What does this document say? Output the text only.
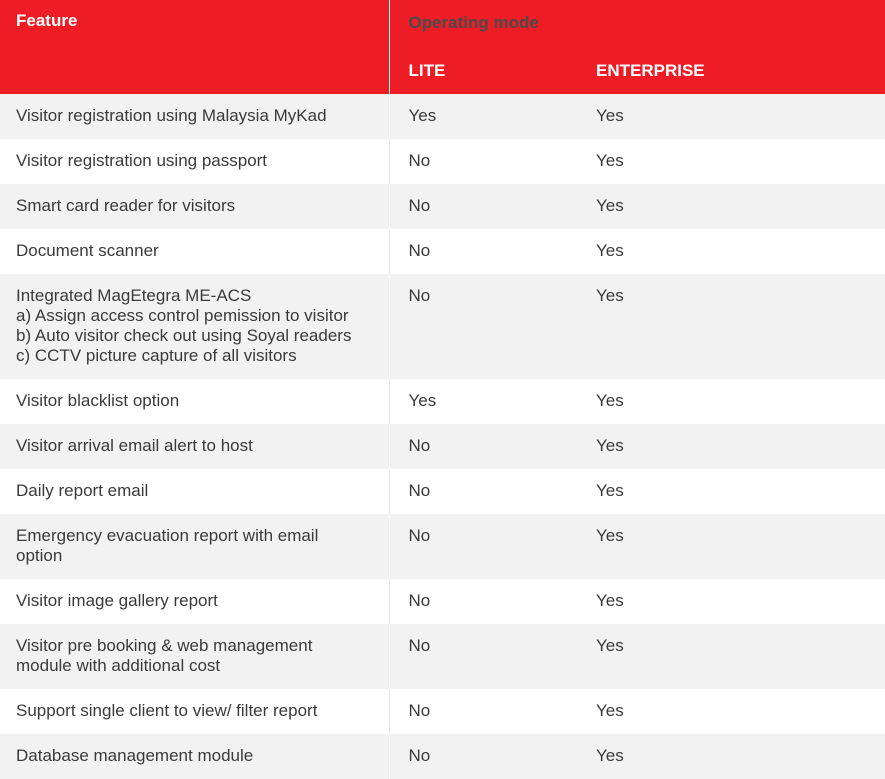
Feature	Operating mode	
	LITE	ENTERPRISE

Visitor registration using Malaysia MyKad	Yes	Yes

Visitor registration using passport	No	Yes

Smart card reader for visitors	No	Yes

Document scanner	No	Yes

Integrated MagEtegra ME-ACS
a) Assign access control pemission to visitor
b) Auto visitor check out using Soyal readers
c) CCTV picture capture of all visitors	No	Yes

Visitor blacklist option	Yes	Yes

Visitor arrival email alert to host	No	Yes

Daily report email	No	Yes

Emergency evacuation report with email
option	No	Yes

Visitor image gallery report	No	Yes

Visitor pre booking & web management
module with additional cost	No	Yes

Support single client to view/ filter report	No	Yes

Database management module	No	Yes
